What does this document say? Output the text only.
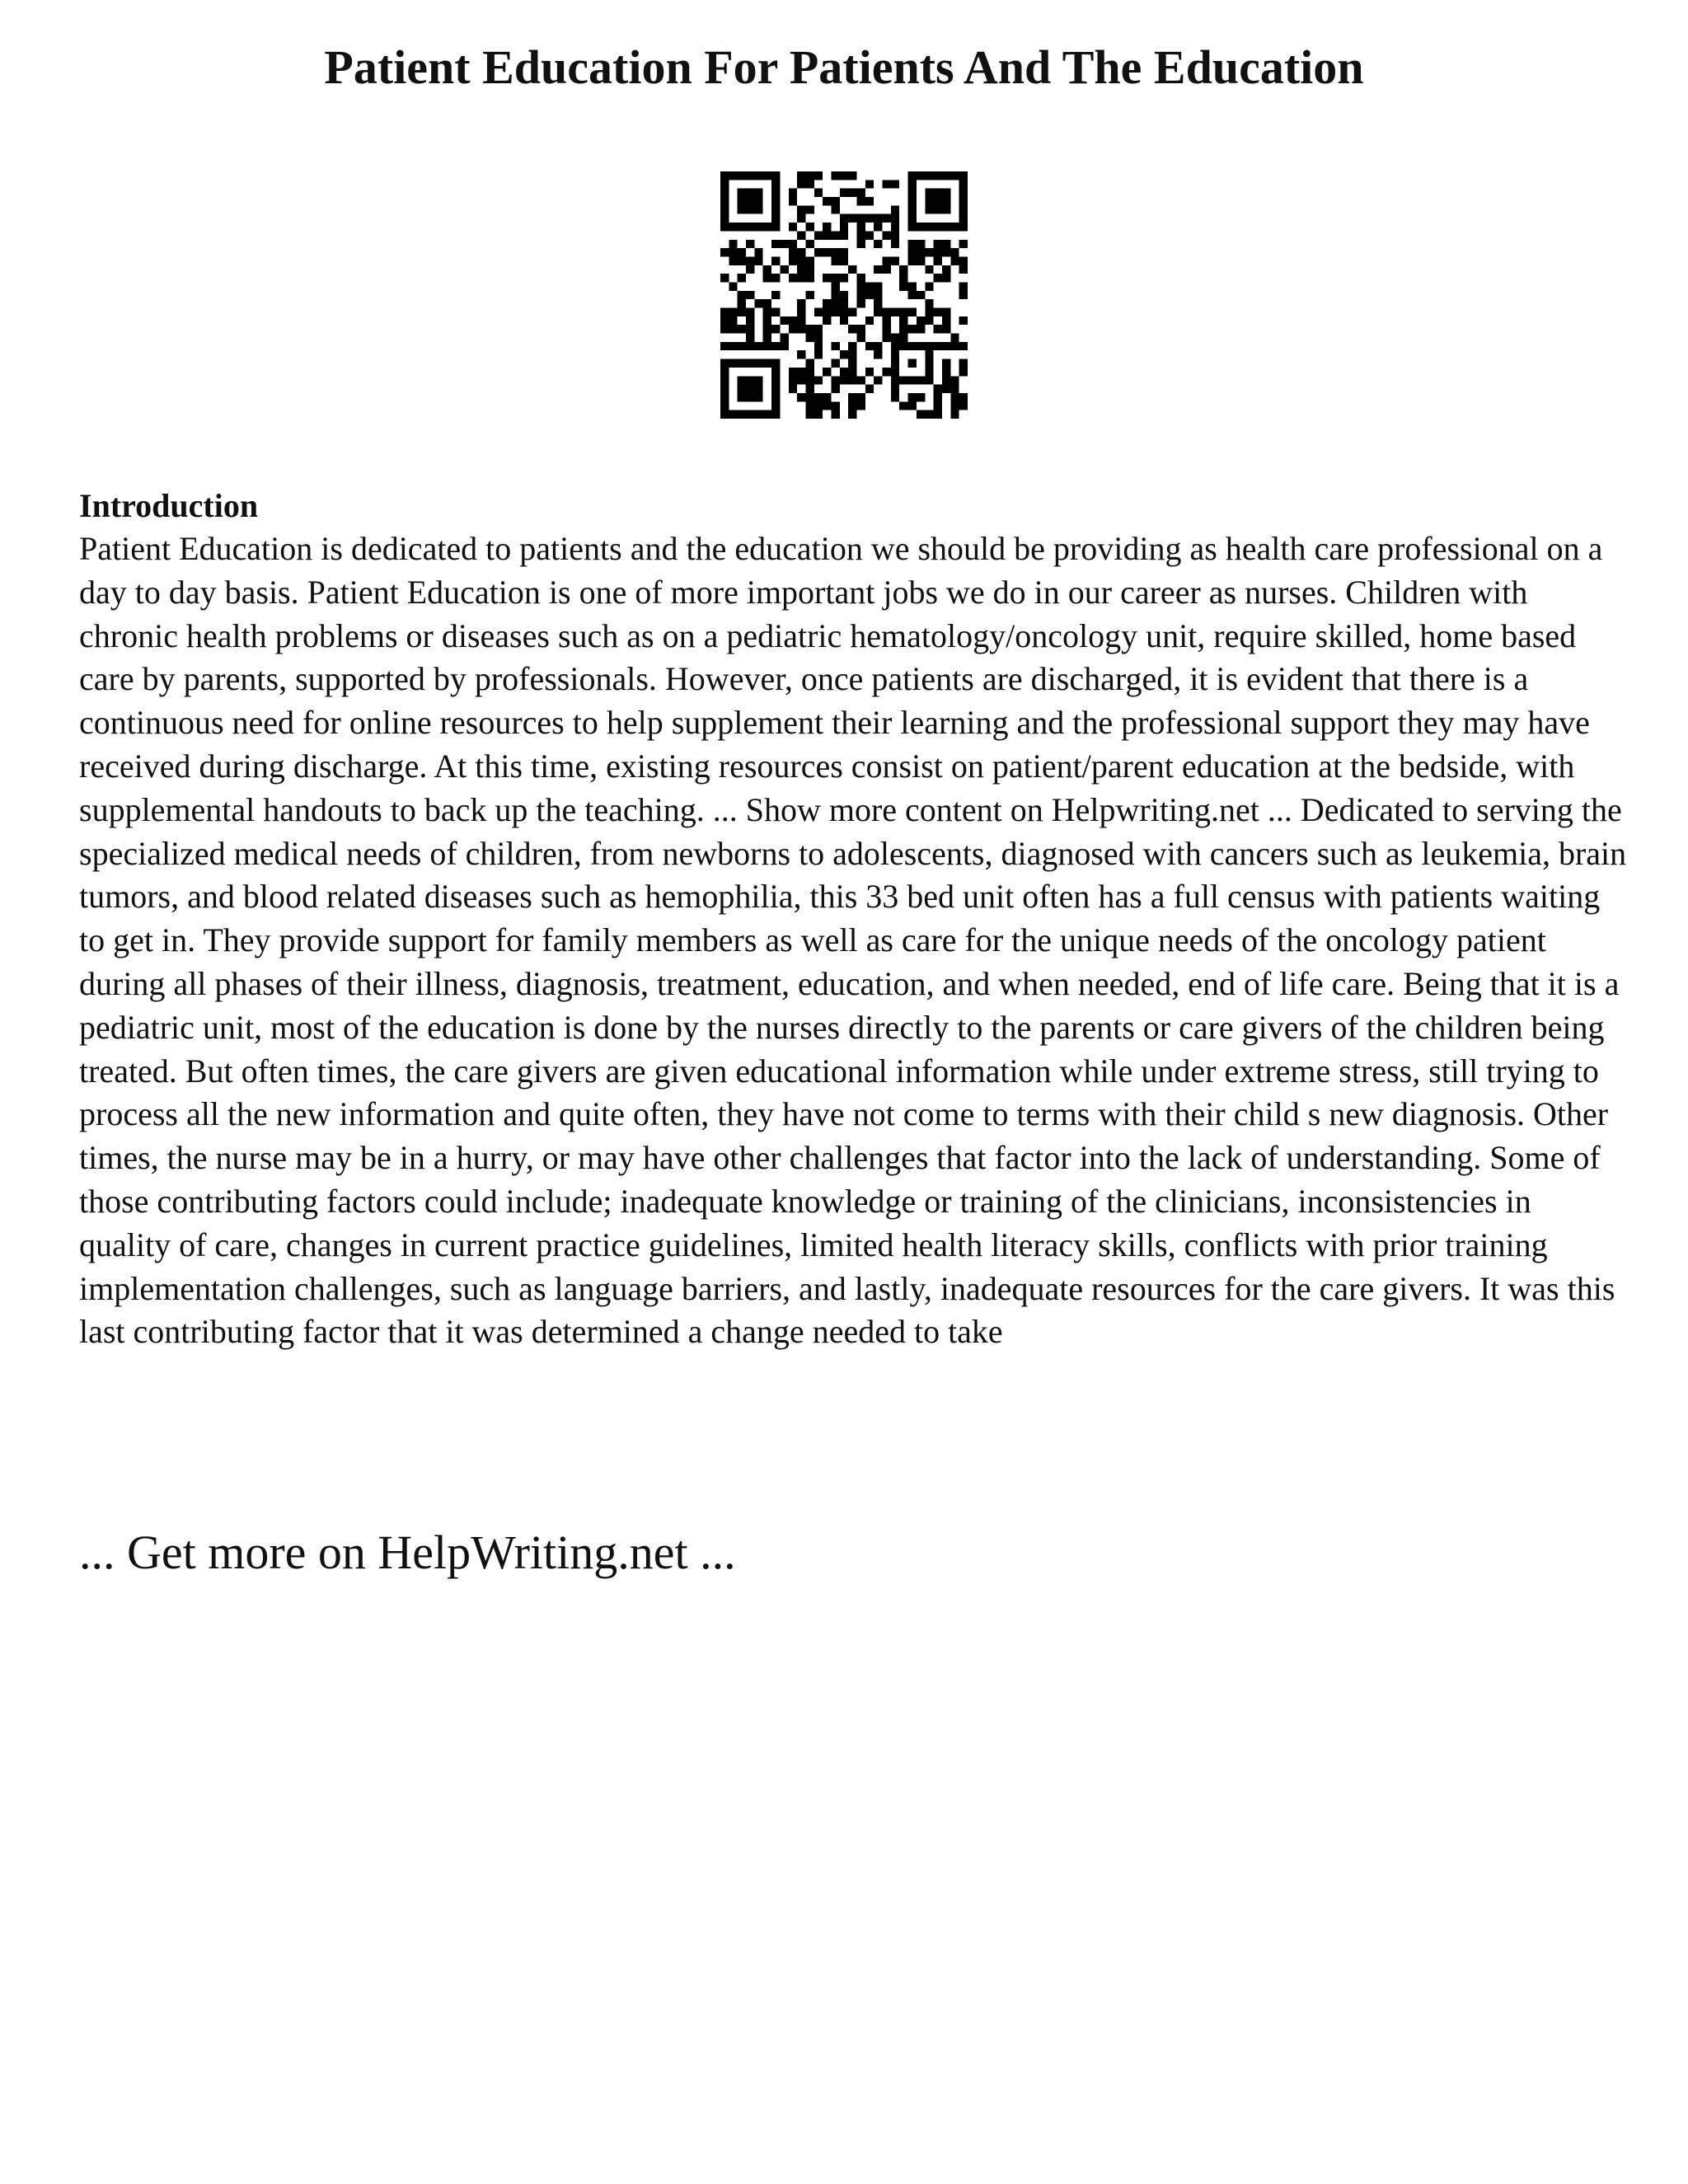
Patient Education For Patients And The Education
Introduction

Patient Education is dedicated to patients and the education we should be providing as health care professional on a day to day basis. Patient Education is one of more important jobs we do in our career as nurses. Children with chronic health problems or diseases such as on a pediatric hematology/oncology unit, require skilled, home based care by parents, supported by professionals. However, once patients are discharged, it is evident that there is a continuous need for online resources to help supplement their learning and the professional support they may have received during discharge. At this time, existing resources consist on patient/parent education at the bedside, with supplemental handouts to back up the teaching. ... Show more content on Helpwriting.net ... Dedicated to serving the specialized medical needs of children, from newborns to adolescents, diagnosed with cancers such as leukemia, brain tumors, and blood related diseases such as hemophilia, this 33 bed unit often has a full census with patients waiting to get in. They provide support for family members as well as care for the unique needs of the oncology patient during all phases of their illness, diagnosis, treatment, education, and when needed, end of life care. Being that it is a pediatric unit, most of the education is done by the nurses directly to the parents or care givers of the children being treated. But often times, the care givers are given educational information while under extreme stress, still trying to process all the new information and quite often, they have not come to terms with their child s new diagnosis. Other times, the nurse may be in a hurry, or may have other challenges that factor into the lack of understanding. Some of those contributing factors could include; inadequate knowledge or training of the clinicians, inconsistencies in quality of care, changes in current practice guidelines, limited health literacy skills, conflicts with prior training implementation challenges, such as language barriers, and lastly, inadequate resources for the care givers. It was this last contributing factor that it was determined a change needed to take

... Get more on HelpWriting.net ...
